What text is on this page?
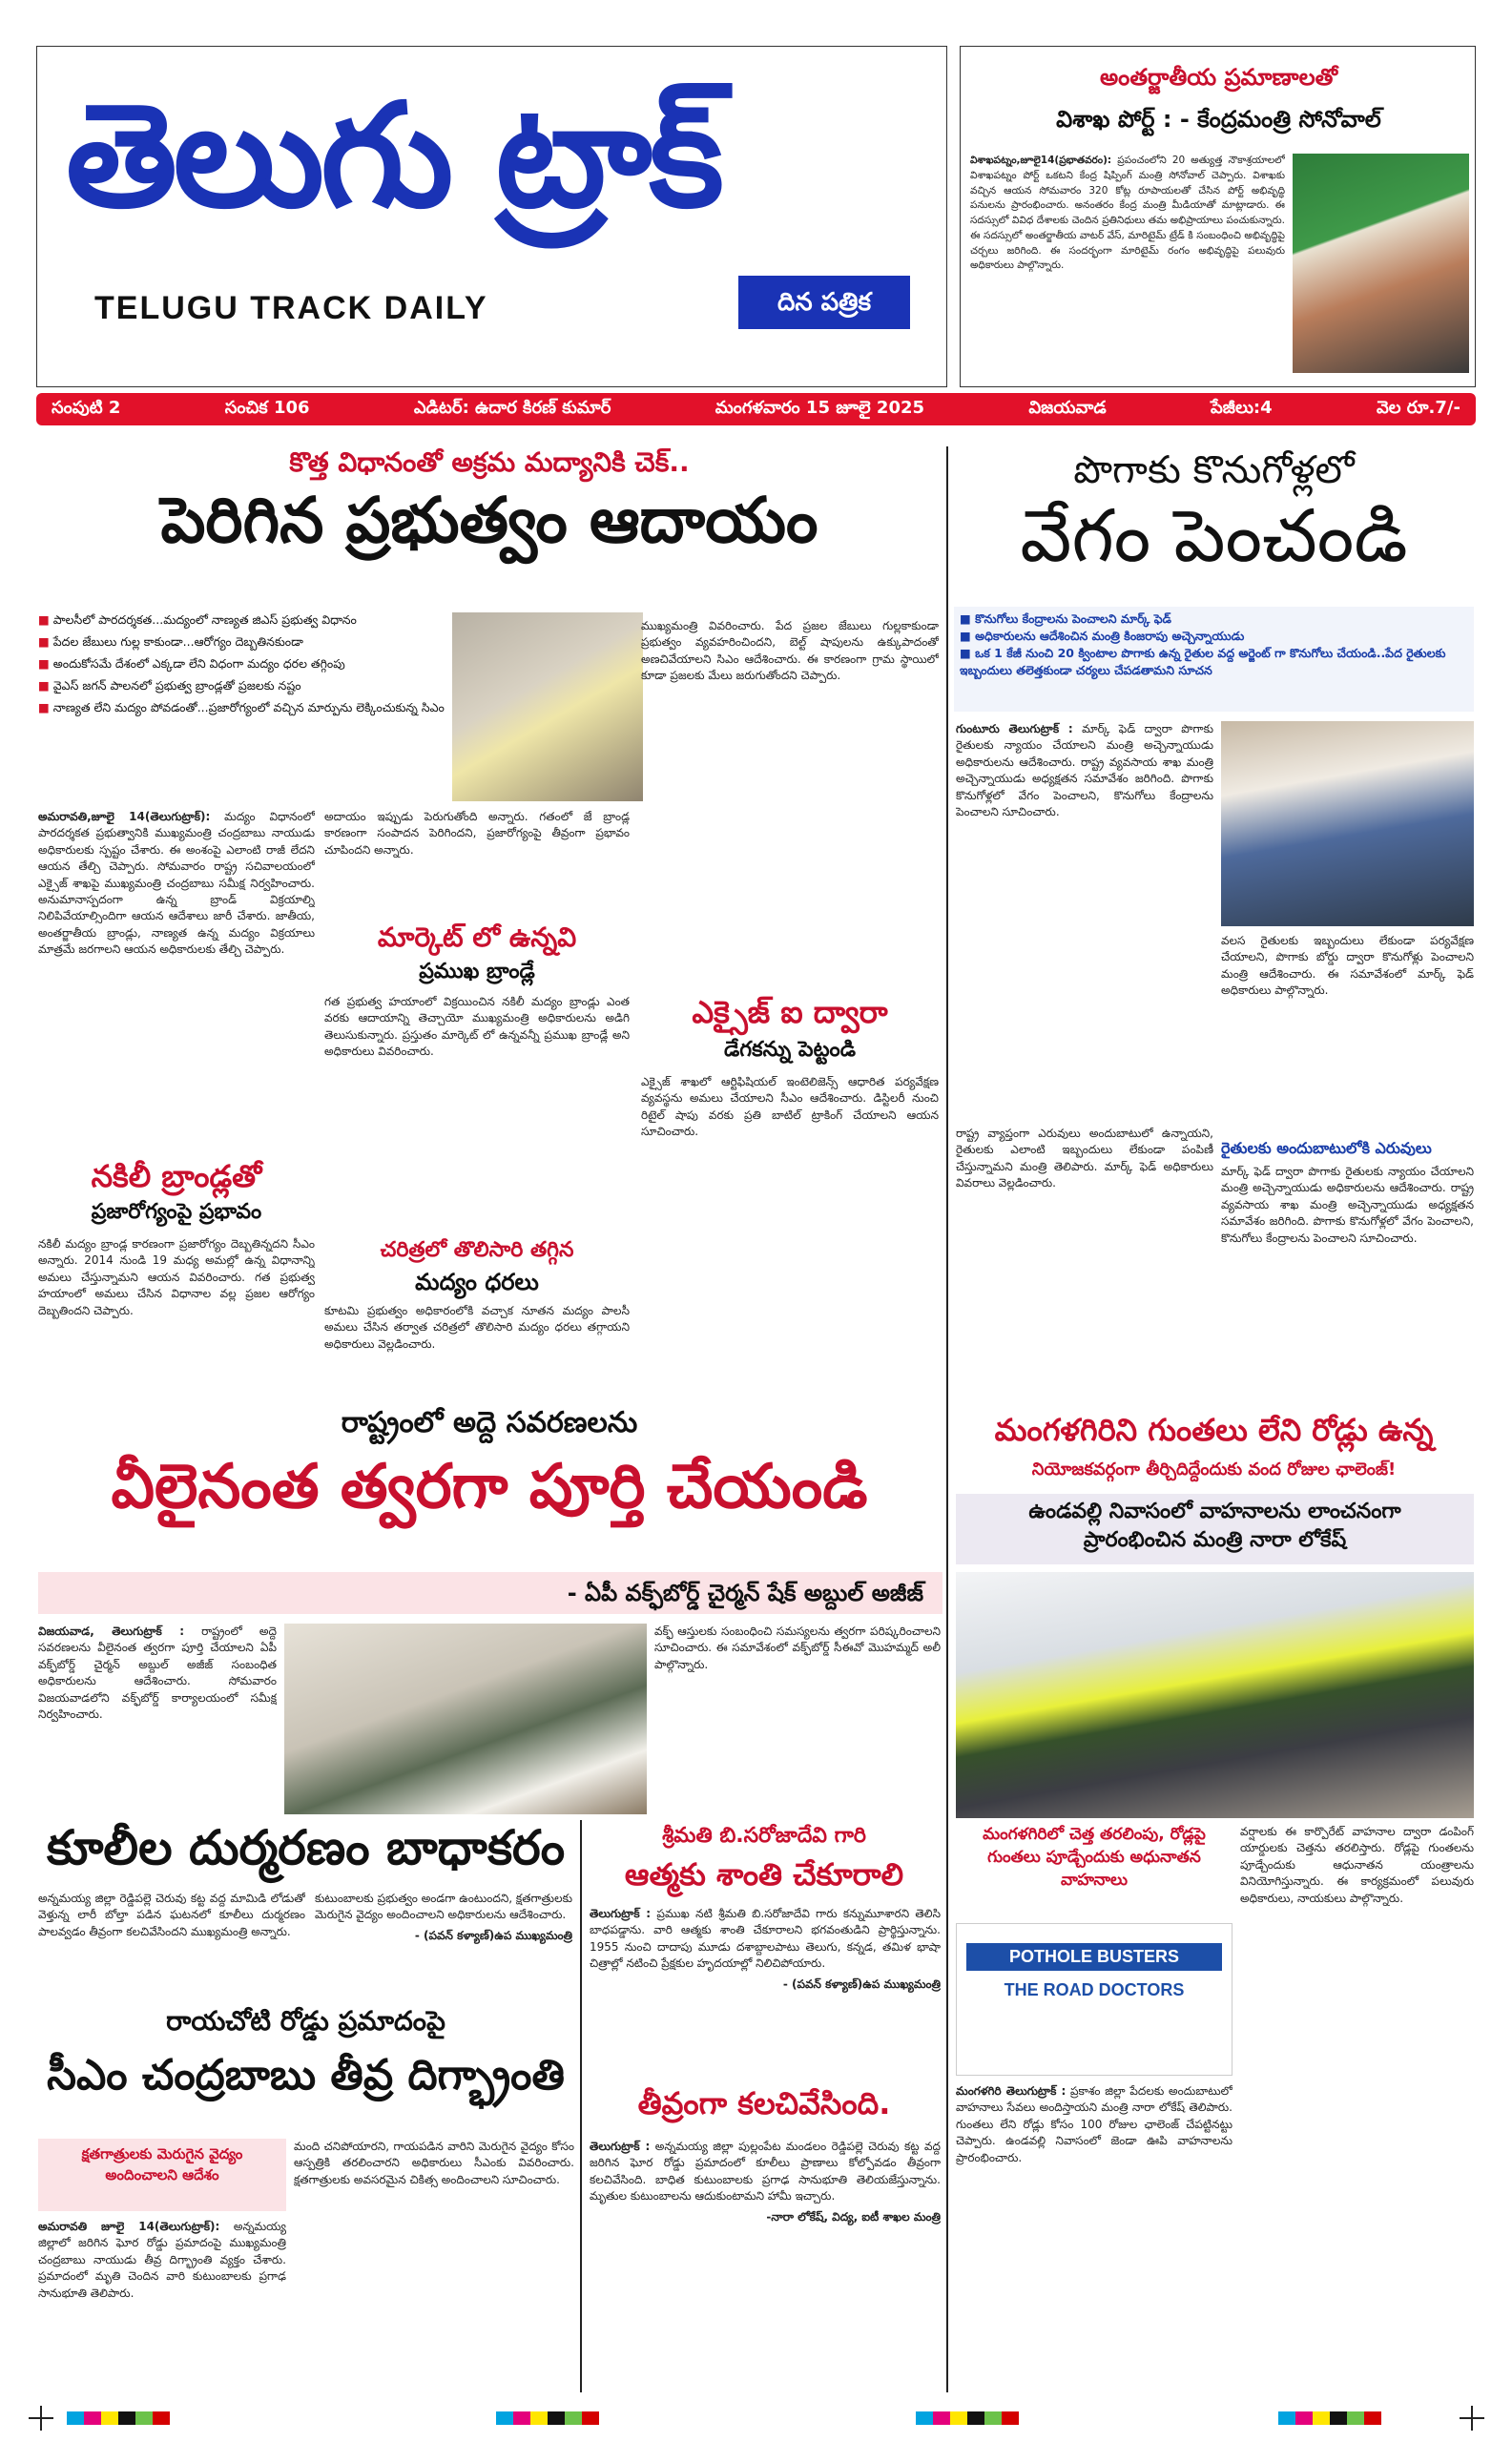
తెలుగు ట్రాక్
TELUGU TRACK DAILY	దిన పత్రిక
అంతర్జాతీయ ప్రమాణాలతో
విశాఖ పోర్ట్ : - కేంద్రమంత్రి సోనోవాల్
విశాఖపట్నం,జూలై14(ప్రభాతవరం): ప్రపంచంలోని 20 అత్యుత్త నౌకాశ్రయాలలో విశాఖపట్నం పోర్ట్ ఒకటని కేంద్ర షిప్పింగ్ మంత్రి సోనోవాల్ చెప్పారు. విశాఖకు వచ్చిన ఆయన సోమవారం 320 కోట్ల రూపాయలతో చేసిన పోర్ట్ అభివృద్ధి పనులను ప్రారంభించారు. అనంతరం కేంద్ర మంత్రి మీడియాతో మాట్లాడారు. ఈ సదస్సులో వివిధ దేశాలకు చెందిన ప్రతినిధులు తమ అభిప్రాయాలు పంచుకున్నారు. ఈ సదస్సులో అంతర్జాతీయ వాటర్ వేస్, మారిటైమ్ ట్రేడ్ కి సంబంధించి అభివృద్ధిపై చర్చలు జరిగింది. ఈ సందర్భంగా మారిటైమ్ రంగం అభివృద్ధిపై పలువురు అధికారులు పాల్గొన్నారు.
సంపుటి 2	సంచిక 106	ఎడిటర్: ఉదార కిరణ్ కుమార్	మంగళవారం 15 జూలై 2025	విజయవాడ	పేజీలు:4	వెల రూ.7/-
కొత్త విధానంతో అక్రమ మద్యానికి చెక్..
పెరిగిన ప్రభుత్వం ఆదాయం
■ పాలసీలో పారదర్శకత...మద్యంలో నాణ్యత జిఎస్ ప్రభుత్వ విధానం
■ పేదల జేబులు గుల్ల కాకుండా...ఆరోగ్యం దెబ్బతినకుండా
■ అందుకోసమే దేశంలో ఎక్కడా లేని విధంగా మద్యం ధరల తగ్గింపు
■ వైఎస్ జగన్ పాలనలో ప్రభుత్వ బ్రాండ్లతో ప్రజలకు నష్టం
■ నాణ్యత లేని మద్యం పోవడంతో...ప్రజారోగ్యంలో వచ్చిన మార్పును లెక్కించుకున్న సిఎం

అమరావతి,జూలై 14(తెలుగుట్రాక్): మద్యం విధానంలో పారదర్శకత ప్రభుత్వానికి ముఖ్యమంత్రి చంద్రబాబు నాయుడు అధికారులకు స్పష్టం చేశారు. ఈ అంశంపై ఎలాంటి రాజీ లేదని ఆయన తేల్చి చెప్పారు. సోమవారం రాష్ట్ర సచివాలయంలో ఎక్సైజ్ శాఖపై ముఖ్యమంత్రి చంద్రబాబు సమీక్ష నిర్వహించారు. అనుమానాస్పదంగా ఉన్న బ్రాండ్ విక్రయాల్ని నిలిపివేయాల్సిందిగా ఆయన ఆదేశాలు జారీ చేశారు. జాతీయ, అంతర్జాతీయ బ్రాండ్లు, నాణ్యత ఉన్న మద్యం విక్రయాలు మాత్రమే జరగాలని ఆయన అధికారులకు తేల్చి చెప్పారు.

నకిలీ బ్రాండ్లతో
ప్రజారోగ్యంపై ప్రభావం

నకిలీ మద్యం బ్రాండ్ల కారణంగా ప్రజారోగ్యం దెబ్బతిన్నదని సీఎం అన్నారు. 2014 నుండి 19 మధ్య అమల్లో ఉన్న విధానాన్ని అమలు చేస్తున్నామని ఆయన వివరించారు. గత ప్రభుత్వ హయాంలో అమలు చేసిన విధానాల వల్ల ప్రజల ఆరోగ్యం దెబ్బతిందని చెప్పారు.

అదాయం ఇప్పుడు పెరుగుతోంది అన్నారు. గతంలో జే బ్రాండ్ల కారణంగా సంపాదన పెరిగిందని, ప్రజారోగ్యంపై తీవ్రంగా ప్రభావం చూపిందని అన్నారు.

మార్కెట్ లో ఉన్నవి
ప్రముఖ బ్రాండ్లే

గత ప్రభుత్వ హయాంలో విక్రయించిన నకిలీ మద్యం బ్రాండ్లు ఎంత వరకు ఆదాయాన్ని తెచ్చాయో ముఖ్యమంత్రి అధికారులను అడిగి తెలుసుకున్నారు. ప్రస్తుతం మార్కెట్ లో ఉన్నవన్నీ ప్రముఖ బ్రాండ్లే అని అధికారులు వివరించారు.

చరిత్రలో తొలిసారి తగ్గిన
మద్యం ధరలు

కూటమి ప్రభుత్వం అధికారంలోకి వచ్చాక నూతన మద్యం పాలసీ అమలు చేసిన తర్వాత చరిత్రలో తొలిసారి మద్యం ధరలు తగ్గాయని అధికారులు వెల్లడించారు.

ముఖ్యమంత్రి వివరించారు. పేద ప్రజల జేబులు గుల్లకాకుండా ప్రభుత్వం వ్యవహరించిందని, బెల్ట్ షాపులను ఉక్కుపాదంతో అణచివేయాలని సిఎం ఆదేశించారు. ఈ కారణంగా గ్రామ స్థాయిలో కూడా ప్రజలకు మేలు జరుగుతోందని చెప్పారు.

ఎక్సైజ్ ఐ ద్వారా
డేగకన్ను పెట్టండి

ఎక్సైజ్ శాఖలో ఆర్టిఫిషియల్ ఇంటెలిజెన్స్ ఆధారిత పర్యవేక్షణ వ్యవస్థను అమలు చేయాలని సీఎం ఆదేశించారు. డిస్టిలరీ నుంచి రిటైల్ షాపు వరకు ప్రతి బాటిల్ ట్రాకింగ్ చేయాలని ఆయన సూచించారు.

పొగాకు కొనుగోళ్లలో
వేగం పెంచండి
■ కొనుగోలు కేంద్రాలను పెంచాలని మార్క్ ఫెడ్
■ అధికారులను ఆదేశించిన మంత్రి కింజరాపు అచ్చెన్నాయుడు
■ ఒక 1 కేజీ నుంచి 20 క్వింటాల పొగాకు ఉన్న రైతుల వద్ద అర్జెంట్ గా కొనుగోలు చేయండి..పేద రైతులకు ఇబ్బందులు తలెత్తకుండా చర్యలు చేపడతామని సూచన

గుంటూరు తెలుగుట్రాక్ : మార్క్ ఫెడ్ ద్వారా పొగాకు రైతులకు న్యాయం చేయాలని మంత్రి అచ్చెన్నాయుడు అధికారులను ఆదేశించారు. రాష్ట్ర వ్యవసాయ శాఖ మంత్రి అచ్చెన్నాయుడు అధ్యక్షతన సమావేశం జరిగింది. పొగాకు కొనుగోళ్లలో వేగం పెంచాలని, కొనుగోలు కేంద్రాలను పెంచాలని సూచించారు.

వలస రైతులకు ఇబ్బందులు లేకుండా పర్యవేక్షణ చేయాలని, పొగాకు బోర్డు ద్వారా కొనుగోళ్లు పెంచాలని మంత్రి ఆదేశించారు. ఈ సమావేశంలో మార్క్ ఫెడ్ అధికారులు పాల్గొన్నారు.

రైతులకు అందుబాటులోకి ఎరువులు

రాష్ట్ర వ్యాప్తంగా ఎరువులు అందుబాటులో ఉన్నాయని, రైతులకు ఎలాంటి ఇబ్బందులు లేకుండా పంపిణీ చేస్తున్నామని మంత్రి తెలిపారు. మార్క్ ఫెడ్ అధికారులు వివరాలు వెల్లడించారు.

మార్క్ ఫెడ్ ద్వారా పొగాకు రైతులకు న్యాయం చేయాలని మంత్రి అచ్చెన్నాయుడు అధికారులను ఆదేశించారు. రాష్ట్ర వ్యవసాయ శాఖ మంత్రి అచ్చెన్నాయుడు అధ్యక్షతన సమావేశం జరిగింది. పొగాకు కొనుగోళ్లలో వేగం పెంచాలని, కొనుగోలు కేంద్రాలను పెంచాలని సూచించారు.

రాష్ట్రంలో అద్దె సవరణలను
వీలైనంత త్వరగా పూర్తి చేయండి
- ఏపీ వక్ఫ్‌బోర్డ్ చైర్మన్ షేక్ అబ్దుల్ అజీజ్

విజయవాడ, తెలుగుట్రాక్ : రాష్ట్రంలో అద్దె సవరణలను వీలైనంత త్వరగా పూర్తి చేయాలని ఏపీ వక్ఫ్‌బోర్డ్ చైర్మన్ అబ్దుల్ అజీజ్ సంబంధిత అధికారులను ఆదేశించారు. సోమవారం విజయవాడలోని వక్ఫ్‌బోర్డ్ కార్యాలయంలో సమీక్ష నిర్వహించారు.

వక్ఫ్ ఆస్తులకు సంబంధించి సమస్యలను త్వరగా పరిష్కరించాలని సూచించారు. ఈ సమావేశంలో వక్ఫ్‌బోర్డ్ సీఈవో మొహమ్మద్ అలీ పాల్గొన్నారు.

మంగళగిరిని గుంతలు లేని రోడ్లు ఉన్న
నియోజకవర్గంగా తీర్చిదిద్దేందుకు వంద రోజుల ఛాలెంజ్!
ఉండవల్లి నివాసంలో వాహనాలను లాంచనంగా
ప్రారంభించిన మంత్రి నారా లోకేష్
మంగళగిరిలో చెత్త తరలింపు, రోడ్లపై గుంతలు పూడ్చేందుకు అధునాతన వాహనాలు
POTHOLE BUSTERS
THE ROAD DOCTORS

మంగళగిరి తెలుగుట్రాక్ : ప్రకాశం జిల్లా పేదలకు అందుబాటులో వాహనాలు సేవలు అందిస్తాయని మంత్రి నారా లోకేష్ తెలిపారు. గుంతలు లేని రోడ్లు కోసం 100 రోజుల ఛాలెంజ్ చేపట్టినట్టు చెప్పారు. ఉండవల్లి నివాసంలో జెండా ఊపి వాహనాలను ప్రారంభించారు.

వర్షాలకు ఈ కార్పొరేట్ వాహనాల ద్వారా డంపింగ్ యార్డులకు చెత్తను తరలిస్తారు. రోడ్లపై గుంతలను పూడ్చేందుకు ఆధునాతన యంత్రాలను వినియోగిస్తున్నారు. ఈ కార్యక్రమంలో పలువురు అధికారులు, నాయకులు పాల్గొన్నారు.

కూలీల దుర్మరణం బాధాకరం

అన్నమయ్య జిల్లా రెడ్డిపల్లె చెరువు కట్ట వద్ద మామిడి లోడుతో వెళ్తున్న లారీ బోల్తా పడిన ఘటనలో కూలీలు దుర్మరణం పాలవ్వడం తీవ్రంగా కలచివేసిందని ముఖ్యమంత్రి అన్నారు.

కుటుంబాలకు ప్రభుత్వం అండగా ఉంటుందని, క్షతగాత్రులకు మెరుగైన వైద్యం అందించాలని అధికారులను ఆదేశించారు.

- (పవన్ కళ్యాణ్)ఉప ముఖ్యమంత్రి

శ్రీమతి బి.సరోజాదేవి గారి
ఆత్మకు శాంతి చేకూరాలి

తెలుగుట్రాక్ : ప్రముఖ నటి శ్రీమతి బి.సరోజాదేవి గారు కన్నుమూశారని తెలిసి బాధపడ్డాను. వారి ఆత్మకు శాంతి చేకూరాలని భగవంతుడిని ప్రార్థిస్తున్నాను. 1955 నుంచి దాదాపు మూడు దశాబ్దాలపాటు తెలుగు, కన్నడ, తమిళ భాషా చిత్రాల్లో నటించి ప్రేక్షకుల హృదయాల్లో నిలిచిపోయారు.

- (పవన్ కళ్యాణ్)ఉప ముఖ్యమంత్రి

రాయచోటి రోడ్డు ప్రమాదంపై
సీఎం చంద్రబాబు తీవ్ర దిగ్భ్రాంతి
క్షతగాత్రులకు మెరుగైన వైద్యం అందించాలని ఆదేశం

అమరావతి జూలై 14(తెలుగుట్రాక్): అన్నమయ్య జిల్లాలో జరిగిన ఘోర రోడ్డు ప్రమాదంపై ముఖ్యమంత్రి చంద్రబాబు నాయుడు తీవ్ర దిగ్భ్రాంతి వ్యక్తం చేశారు. ప్రమాదంలో మృతి చెందిన వారి కుటుంబాలకు ప్రగాఢ సానుభూతి తెలిపారు.

మంది చనిపోయారని, గాయపడిన వారిని మెరుగైన వైద్యం కోసం ఆస్పత్రికి తరలించారని అధికారులు సీఎంకు వివరించారు. క్షతగాత్రులకు అవసరమైన చికిత్స అందించాలని సూచించారు.

తీవ్రంగా కలచివేసింది.

తెలుగుట్రాక్ : అన్నమయ్య జిల్లా పుల్లంపేట మండలం రెడ్డిపల్లె చెరువు కట్ట వద్ద జరిగిన ఘోర రోడ్డు ప్రమాదంలో కూలీలు ప్రాణాలు కోల్పోవడం తీవ్రంగా కలచివేసింది. బాధిత కుటుంబాలకు ప్రగాఢ సానుభూతి తెలియజేస్తున్నాను. మృతుల కుటుంబాలను ఆదుకుంటామని హామీ ఇచ్చారు.

-నారా లోకేష్, విద్య, ఐటీ శాఖల మంత్రి
